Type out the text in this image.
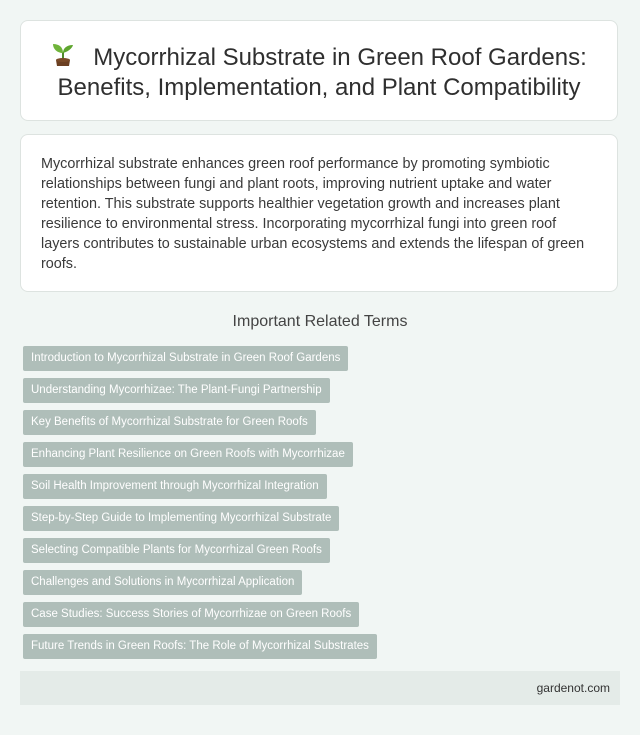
Mycorrhizal Substrate in Green Roof Gardens: Benefits, Implementation, and Plant Compatibility

Mycorrhizal substrate enhances green roof performance by promoting symbiotic relationships between fungi and plant roots, improving nutrient uptake and water retention. This substrate supports healthier vegetation growth and increases plant resilience to environmental stress. Incorporating mycorrhizal fungi into green roof layers contributes to sustainable urban ecosystems and extends the lifespan of green roofs.

Important Related Terms
Introduction to Mycorrhizal Substrate in Green Roof Gardens
Understanding Mycorrhizae: The Plant-Fungi Partnership
Key Benefits of Mycorrhizal Substrate for Green Roofs
Enhancing Plant Resilience on Green Roofs with Mycorrhizae
Soil Health Improvement through Mycorrhizal Integration
Step-by-Step Guide to Implementing Mycorrhizal Substrate
Selecting Compatible Plants for Mycorrhizal Green Roofs
Challenges and Solutions in Mycorrhizal Application
Case Studies: Success Stories of Mycorrhizae on Green Roofs
Future Trends in Green Roofs: The Role of Mycorrhizal Substrates
gardenot.com
